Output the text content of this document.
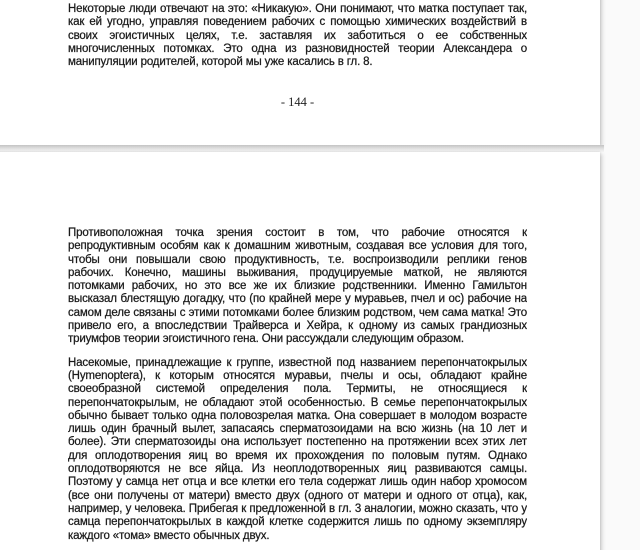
Некоторые люди отвечают на это: «Никакую». Они понимают, что матка поступает так,
как ей угодно, управляя поведением рабочих с помощью химических воздействий в
своих эгоистичных целях, т.е. заставляя их заботиться о ее собственных
многочисленных потомках. Это одна из разновидностей теории Александера о
манипуляции родителей, которой мы уже касались в гл. 8.
- 144 -
Противоположная точка зрения состоит в том, что рабочие относятся к
репродуктивным особям как к домашним животным, создавая все условия для того,
чтобы они повышали свою продуктивность, т.е. воспроизводили реплики генов
рабочих. Конечно, машины выживания, продуцируемые маткой, не являются
потомками рабочих, но это все же их близкие родственники. Именно Гамильтон
высказал блестящую догадку, что (по крайней мере у муравьев, пчел и ос) рабочие на
самом деле связаны с этими потомками более близким родством, чем сама матка! Это
привело его, а впоследствии Трайверса и Хейра, к одному из самых грандиозных
триумфов теории эгоистичного гена. Они рассуждали следующим образом.
Насекомые, принадлежащие к группе, известной под названием перепончатокрылых
(Hymenoptera), к которым относятся муравьи, пчелы и осы, обладают крайне
своеобразной системой определения пола. Термиты, не относящиеся к
перепончатокрылым, не обладают этой особенностью. В семье перепончатокрылых
обычно бывает только одна половозрелая матка. Она совершает в молодом возрасте
лишь один брачный вылет, запасаясь сперматозоидами на всю жизнь (на 10 лет и
более). Эти сперматозоиды она использует постепенно на протяжении всех этих лет
для оплодотворения яиц во время их прохождения по половым путям. Однако
оплодотворяются не все яйца. Из неоплодотворенных яиц развиваются самцы.
Поэтому у самца нет отца и все клетки его тела содержат лишь один набор хромосом
(все они получены от матери) вместо двух (одного от матери и одного от отца), как,
например, у человека. Прибегая к предложенной в гл. 3 аналогии, можно сказать, что у
самца перепончатокрылых в каждой клетке содержится лишь по одному экземпляру
каждого «тома» вместо обычных двух.
